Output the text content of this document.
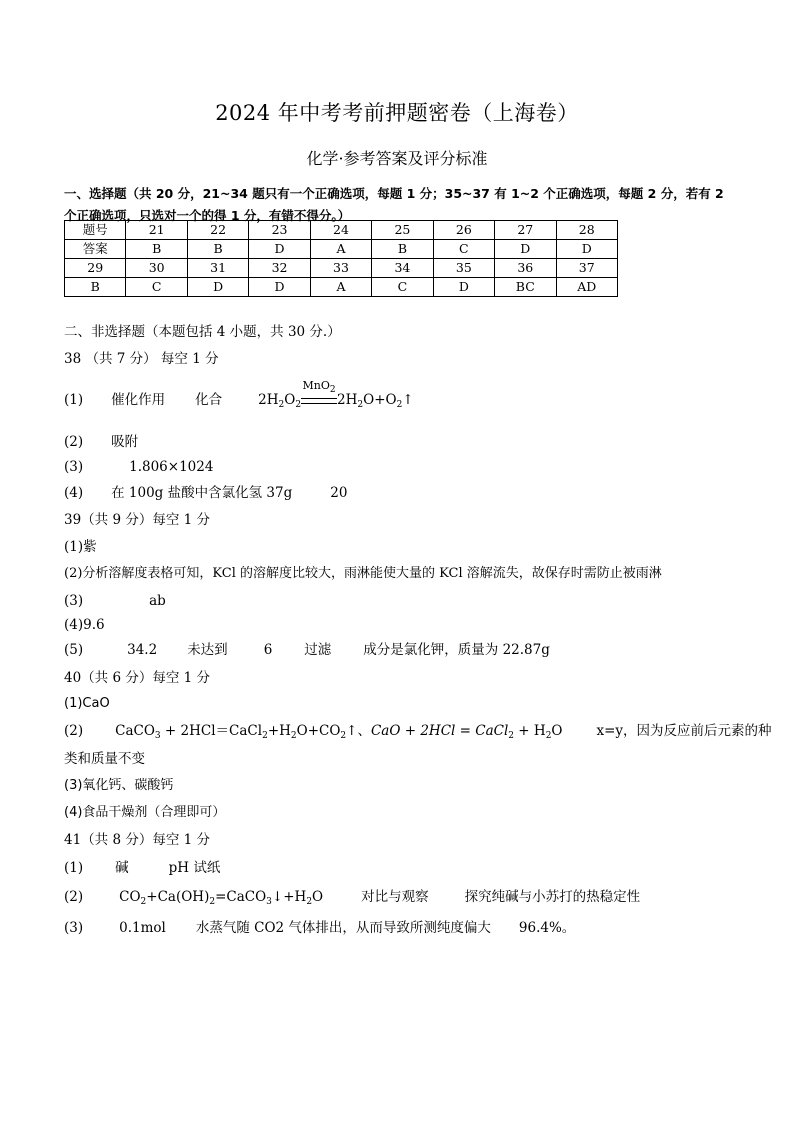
2024 年中考考前押题密卷（上海卷）
化学·参考答案及评分标准
一、选择题（共 20 分，21~34 题只有一个正确选项，每题 1 分；35~37 有 1~2 个正确选项，每题 2 分，若有 2 个正确选项，只选对一个的得 1 分，有错不得分。）
题号	21	22	23	24	25	26	27	28
答案	B	B	D	A	B	C	D	D
29	30	31	32	33	34	35	36	37
B	C	D	D	A	C	D	BC	AD
二、非选择题（本题包括 4 小题，共 30 分.）
38 （共 7 分） 每空 1 分
(1) 催化作用 化合	$2H_2O_2$
MnO$_2$
$2H_2O+O_2↑$
(2) 吸附
(3)	1.806×1024
(4) 在 100g 盐酸中含氯化氢 37g	20
39（共 9 分）每空 1 分
(1)紫
(2)分析溶解度表格可知，KCl 的溶解度比较大，雨淋能使大量的 KCl 溶解流失，故保存时需防止被雨淋
(3)	ab
(4)9.6
(5)	34.2 未达到	6 过滤 成分是氯化钾，质量为 22.87g
40（共 6 分）每空 1 分
(1)CaO
(2) CaCO$_3$ + $2HCl=CaCl_2+H_2O+CO_2↑$、CaO + 2HCl = CaCl$_2$ + $H_2O$	x=y，因为反应前后元素的种
类和质量不变
(3)氧化钙、碳酸钙
(4)食品干燥剂（合理即可）
41（共 8 分）每空 1 分
(1) 碱	pH 试纸
(2)	$CO_2+Ca(OH)_2=CaCO_3↓+H_2O$	对比与观察	探究纯碱与小苏打的热稳定性
(3)	0.1mol 水蒸气随 CO2 气体排出，从而导致所测纯度偏大 96.4%。
